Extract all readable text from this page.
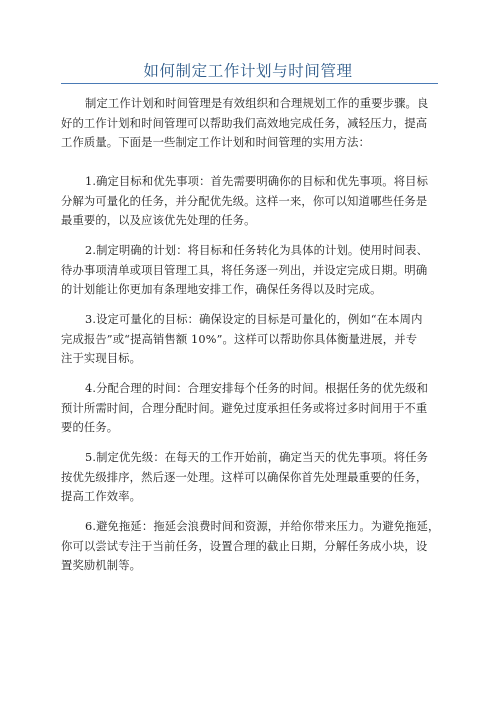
如何制定工作计划与时间管理

制定工作计划和时间管理是有效组织和合理规划工作的重要步骤。良
好的工作计划和时间管理可以帮助我们高效地完成任务，减轻压力，提高
工作质量。下面是一些制定工作计划和时间管理的实用方法：

1.确定目标和优先事项：首先需要明确你的目标和优先事项。将目标
分解为可量化的任务，并分配优先级。这样一来，你可以知道哪些任务是
最重要的，以及应该优先处理的任务。

2.制定明确的计划：将目标和任务转化为具体的计划。使用时间表、
待办事项清单或项目管理工具，将任务逐一列出，并设定完成日期。明确
的计划能让你更加有条理地安排工作，确保任务得以及时完成。

3.设定可量化的目标：确保设定的目标是可量化的，例如“在本周内
完成报告”或“提高销售额 10%”。这样可以帮助你具体衡量进展，并专
注于实现目标。

4.分配合理的时间：合理安排每个任务的时间。根据任务的优先级和
预计所需时间，合理分配时间。避免过度承担任务或将过多时间用于不重
要的任务。

5.制定优先级：在每天的工作开始前，确定当天的优先事项。将任务
按优先级排序，然后逐一处理。这样可以确保你首先处理最重要的任务，
提高工作效率。

6.避免拖延：拖延会浪费时间和资源，并给你带来压力。为避免拖延，
你可以尝试专注于当前任务，设置合理的截止日期，分解任务成小块，设
置奖励机制等。
